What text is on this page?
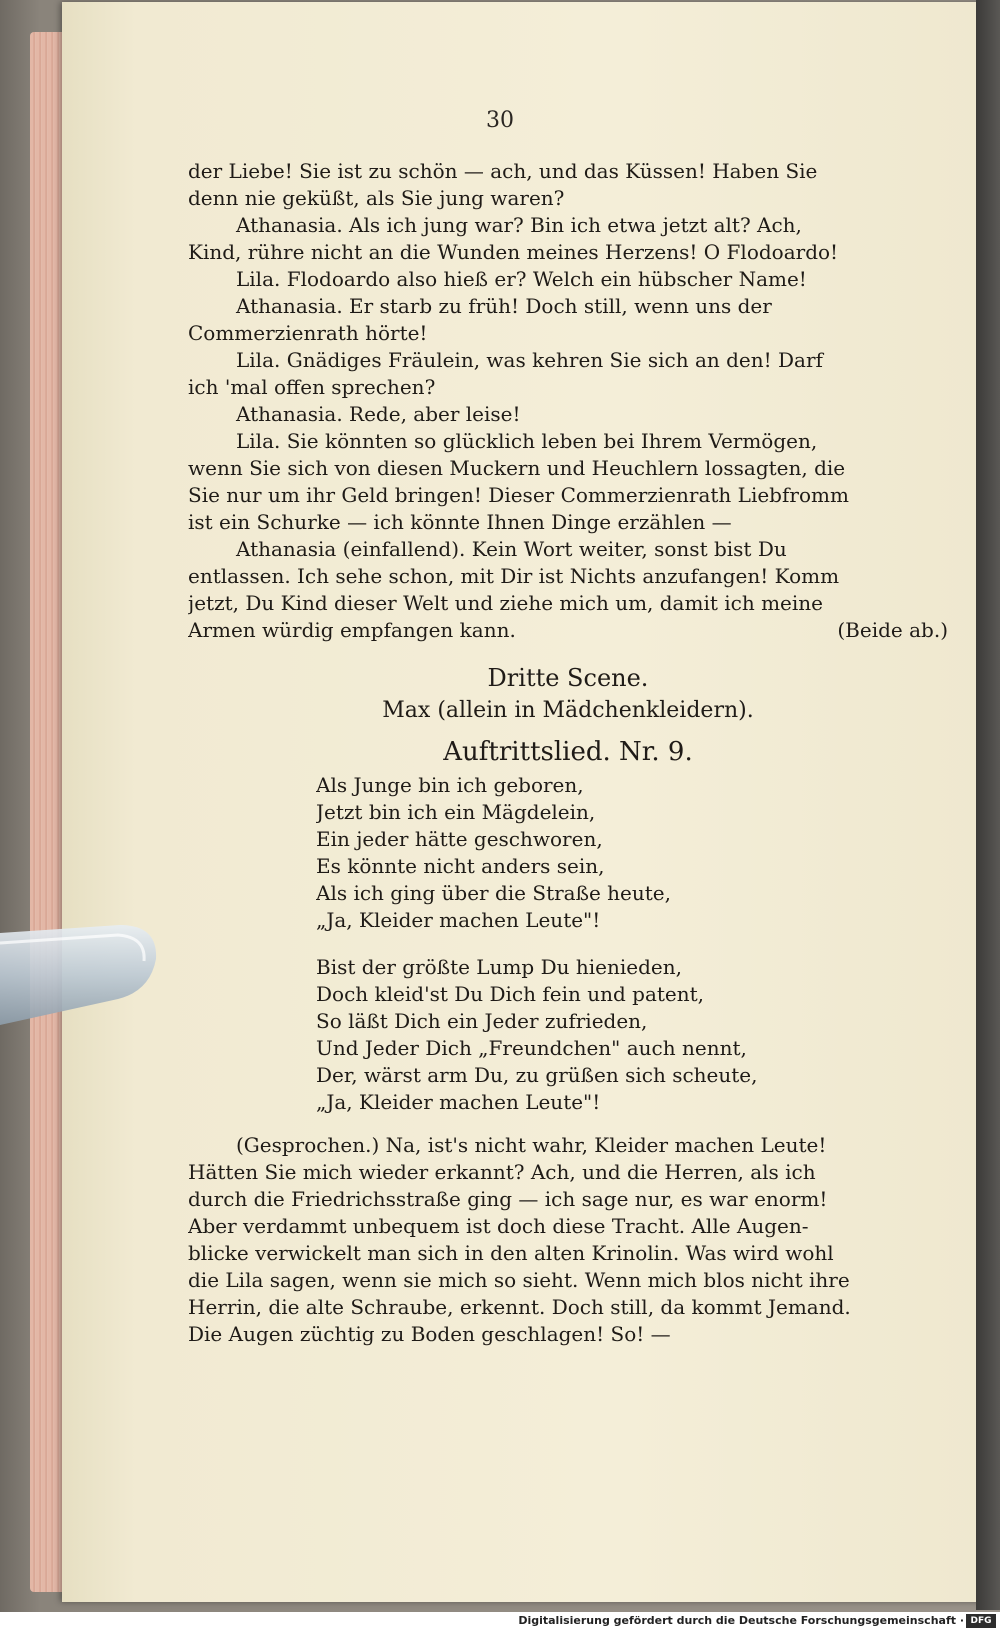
30
der Liebe! Sie ist zu schön — ach, und das Küssen! Haben Sie
denn nie geküßt, als Sie jung waren?
Athanasia. Als ich jung war? Bin ich etwa jetzt alt? Ach,
Kind, rühre nicht an die Wunden meines Herzens! O Flodoardo!
Lila. Flodoardo also hieß er? Welch ein hübscher Name!
Athanasia. Er starb zu früh! Doch still, wenn uns der
Commerzienrath hörte!
Lila. Gnädiges Fräulein, was kehren Sie sich an den! Darf
ich 'mal offen sprechen?
Athanasia. Rede, aber leise!
Lila. Sie könnten so glücklich leben bei Ihrem Vermögen,
wenn Sie sich von diesen Muckern und Heuchlern lossagten, die
Sie nur um ihr Geld bringen! Dieser Commerzienrath Liebfromm
ist ein Schurke — ich könnte Ihnen Dinge erzählen —
Athanasia (einfallend). Kein Wort weiter, sonst bist Du
entlassen. Ich sehe schon, mit Dir ist Nichts anzufangen! Komm
jetzt, Du Kind dieser Welt und ziehe mich um, damit ich meine
Armen würdig empfangen kann.	(Beide ab.)
Dritte Scene.
Max (allein in Mädchenkleidern).
Auftrittslied. Nr. 9.
Als Junge bin ich geboren,
Jetzt bin ich ein Mägdelein,
Ein jeder hätte geschworen,
Es könnte nicht anders sein,
Als ich ging über die Straße heute,
„Ja, Kleider machen Leute"!
Bist der größte Lump Du hienieden,
Doch kleid'st Du Dich fein und patent,
So läßt Dich ein Jeder zufrieden,
Und Jeder Dich „Freundchen" auch nennt,
Der, wärst arm Du, zu grüßen sich scheute,
„Ja, Kleider machen Leute"!
(Gesprochen.) Na, ist's nicht wahr, Kleider machen Leute!
Hätten Sie mich wieder erkannt? Ach, und die Herren, als ich
durch die Friedrichsstraße ging — ich sage nur, es war enorm!
Aber verdammt unbequem ist doch diese Tracht. Alle Augen-
blicke verwickelt man sich in den alten Krinolin. Was wird wohl
die Lila sagen, wenn sie mich so sieht. Wenn mich blos nicht ihre
Herrin, die alte Schraube, erkennt. Doch still, da kommt Jemand.
Die Augen züchtig zu Boden geschlagen! So! —
Digitalisierung gefördert durch die Deutsche Forschungsgemeinschaft · DFG
